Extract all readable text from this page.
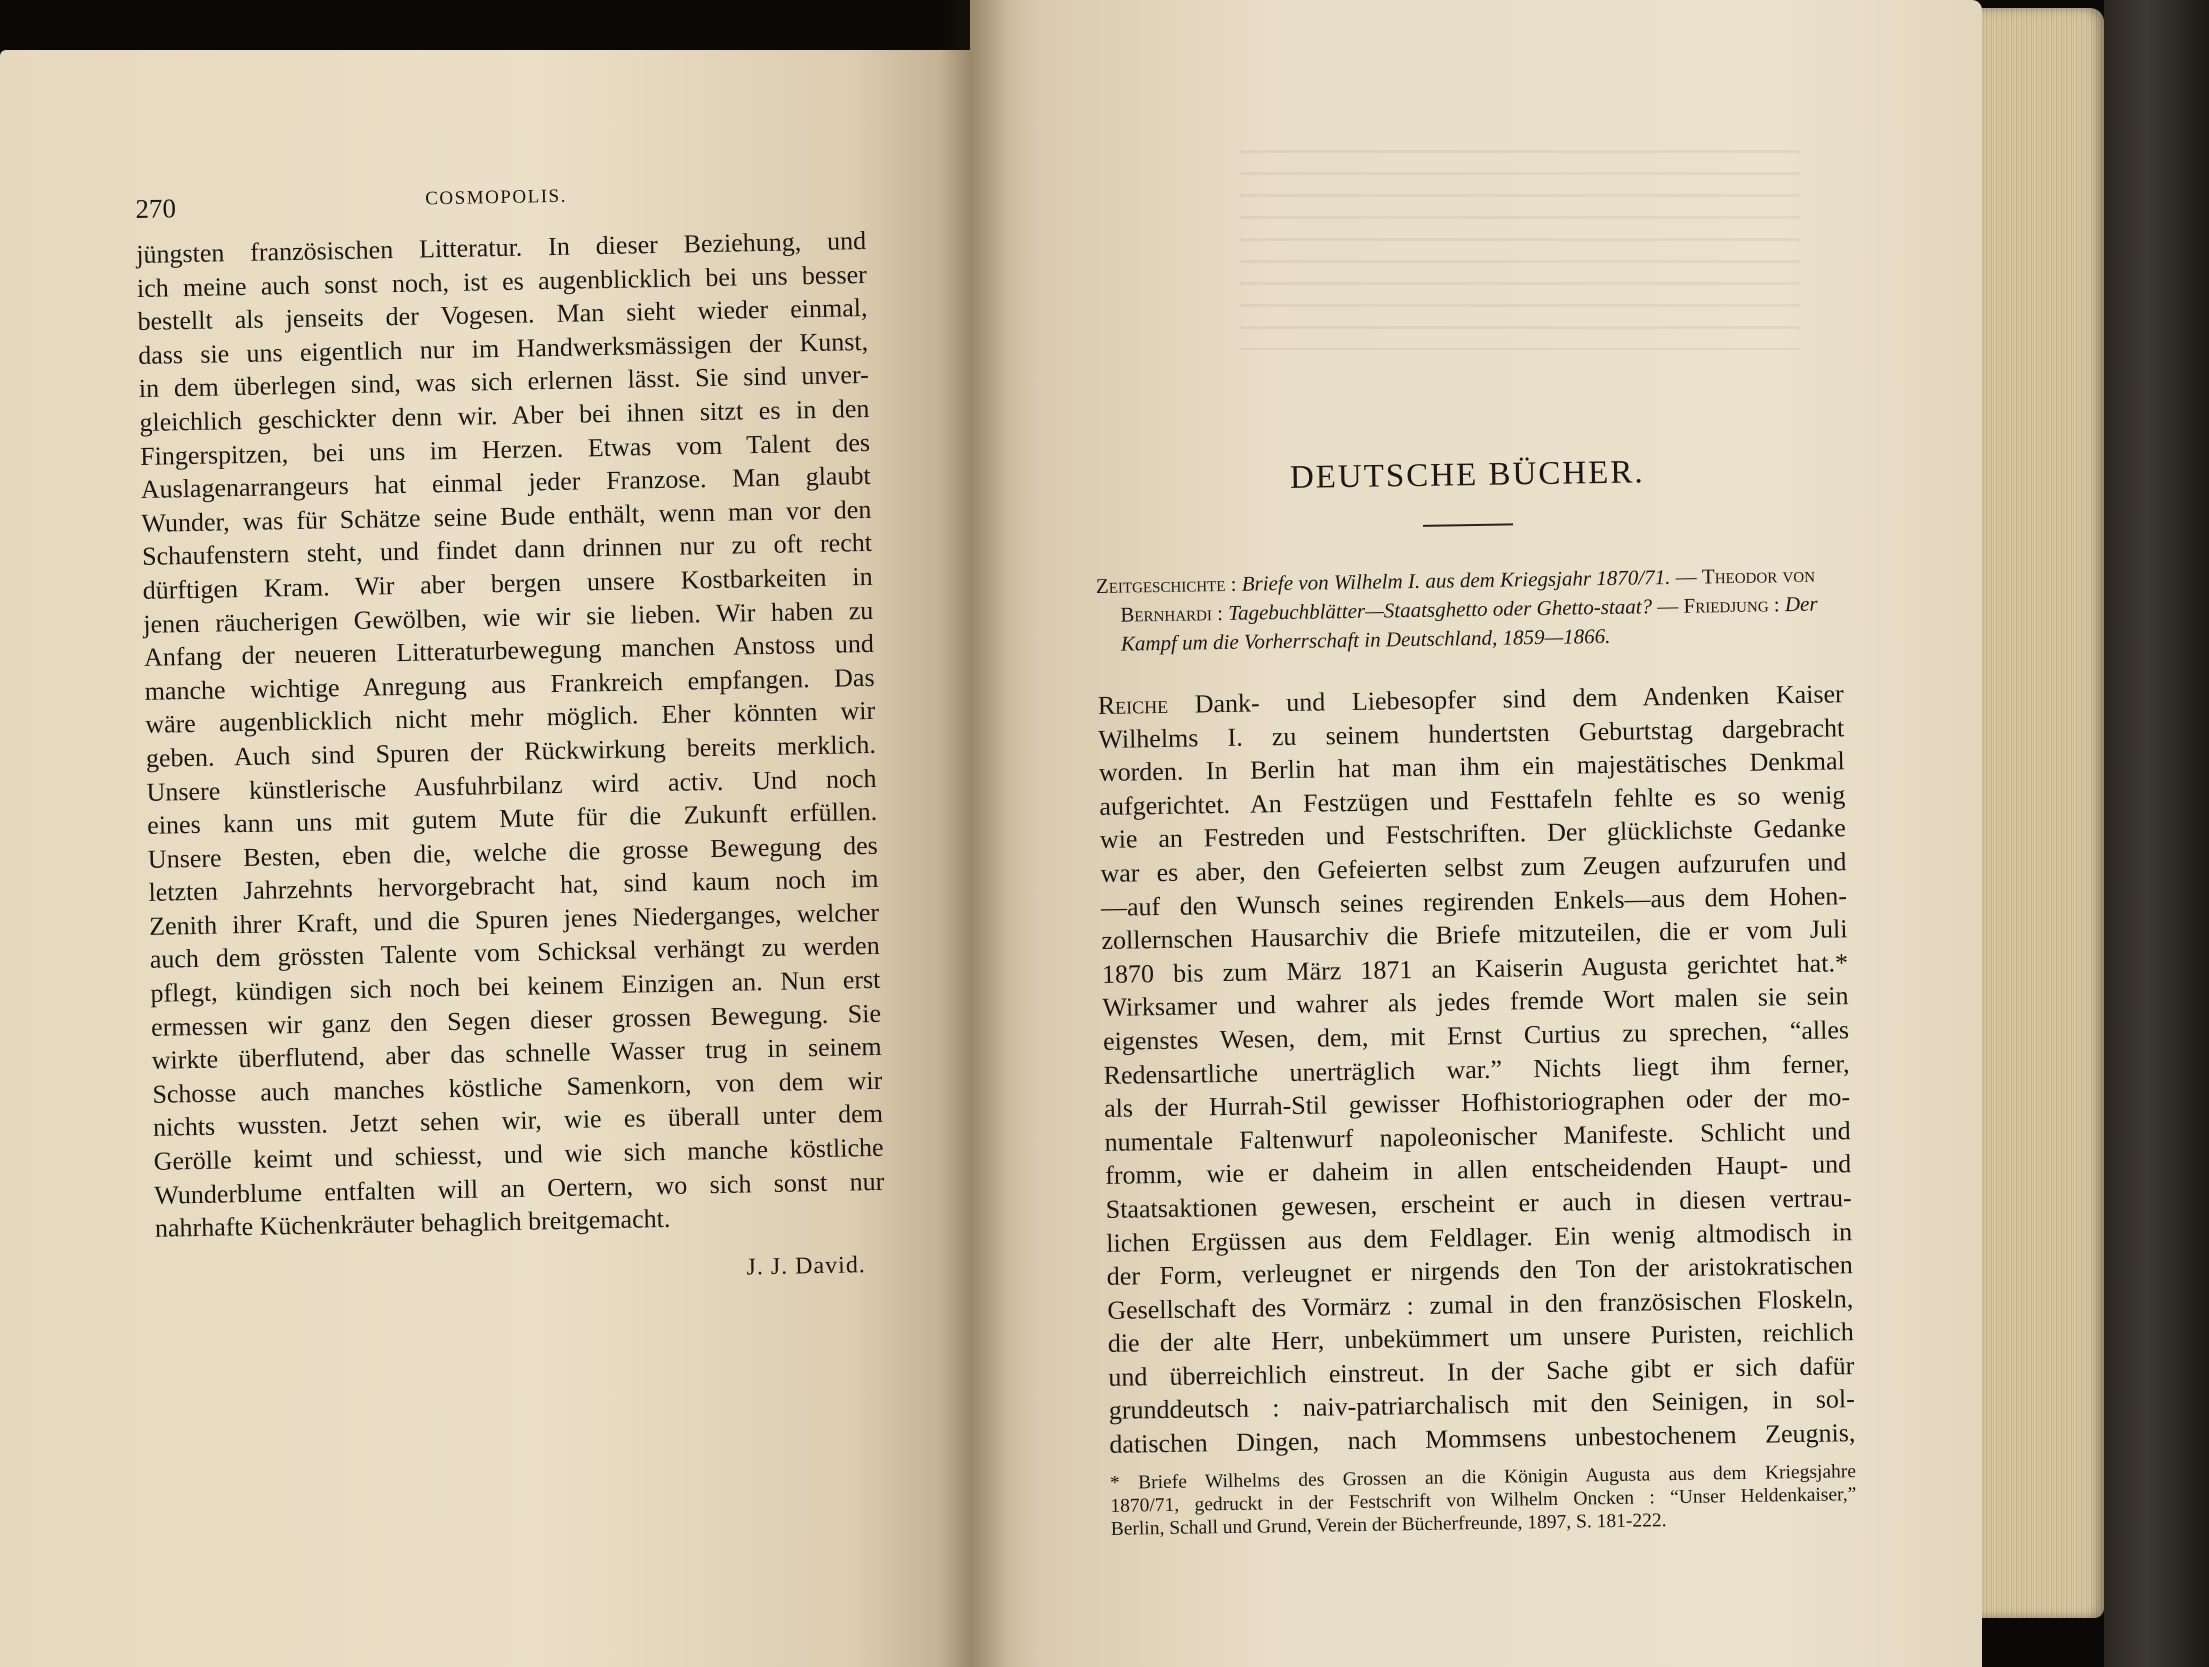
270	COSMOPOLIS.
jüngsten französischen Litteratur. In dieser Beziehung, und
ich meine auch sonst noch, ist es augenblicklich bei uns besser
bestellt als jenseits der Vogesen. Man sieht wieder einmal,
dass sie uns eigentlich nur im Handwerksmässigen der Kunst,
in dem überlegen sind, was sich erlernen lässt. Sie sind unver-
gleichlich geschickter denn wir. Aber bei ihnen sitzt es in den
Fingerspitzen, bei uns im Herzen. Etwas vom Talent des
Auslagenarrangeurs hat einmal jeder Franzose. Man glaubt
Wunder, was für Schätze seine Bude enthält, wenn man vor den
Schaufenstern steht, und findet dann drinnen nur zu oft recht
dürftigen Kram. Wir aber bergen unsere Kostbarkeiten in
jenen räucherigen Gewölben, wie wir sie lieben. Wir haben zu
Anfang der neueren Litteraturbewegung manchen Anstoss und
manche wichtige Anregung aus Frankreich empfangen. Das
wäre augenblicklich nicht mehr möglich. Eher könnten wir
geben. Auch sind Spuren der Rückwirkung bereits merklich.
Unsere künstlerische Ausfuhrbilanz wird activ. Und noch
eines kann uns mit gutem Mute für die Zukunft erfüllen.
Unsere Besten, eben die, welche die grosse Bewegung des
letzten Jahrzehnts hervorgebracht hat, sind kaum noch im
Zenith ihrer Kraft, und die Spuren jenes Niederganges, welcher
auch dem grössten Talente vom Schicksal verhängt zu werden
pflegt, kündigen sich noch bei keinem Einzigen an. Nun erst
ermessen wir ganz den Segen dieser grossen Bewegung. Sie
wirkte überflutend, aber das schnelle Wasser trug in seinem
Schosse auch manches köstliche Samenkorn, von dem wir
nichts wussten. Jetzt sehen wir, wie es überall unter dem
Gerölle keimt und schiesst, und wie sich manche köstliche
Wunderblume entfalten will an Oertern, wo sich sonst nur
nahrhafte Küchenkräuter behaglich breitgemacht.
J. J. David.
DEUTSCHE BÜCHER.
Zeitgeschichte : Briefe von Wilhelm I. aus dem Kriegsjahr 1870/71. — Theodor von Bernhardi : Tagebuchblätter—Staatsghetto oder Ghetto-staat? — Friedjung : Der Kampf um die Vorherrschaft in Deutschland, 1859—1866.
Reiche Dank- und Liebesopfer sind dem Andenken Kaiser
Wilhelms I. zu seinem hundertsten Geburtstag dargebracht
worden. In Berlin hat man ihm ein majestätisches Denkmal
aufgerichtet. An Festzügen und Festtafeln fehlte es so wenig
wie an Festreden und Festschriften. Der glücklichste Gedanke
war es aber, den Gefeierten selbst zum Zeugen aufzurufen und
—auf den Wunsch seines regirenden Enkels—aus dem Hohen-
zollernschen Hausarchiv die Briefe mitzuteilen, die er vom Juli
1870 bis zum März 1871 an Kaiserin Augusta gerichtet hat.*
Wirksamer und wahrer als jedes fremde Wort malen sie sein
eigenstes Wesen, dem, mit Ernst Curtius zu sprechen, “alles
Redensartliche unerträglich war.” Nichts liegt ihm ferner,
als der Hurrah-Stil gewisser Hofhistoriographen oder der mo-
numentale Faltenwurf napoleonischer Manifeste. Schlicht und
fromm, wie er daheim in allen entscheidenden Haupt- und
Staatsaktionen gewesen, erscheint er auch in diesen vertrau-
lichen Ergüssen aus dem Feldlager. Ein wenig altmodisch in
der Form, verleugnet er nirgends den Ton der aristokratischen
Gesellschaft des Vormärz : zumal in den französischen Floskeln,
die der alte Herr, unbekümmert um unsere Puristen, reichlich
und überreichlich einstreut. In der Sache gibt er sich dafür
grunddeutsch : naiv-patriarchalisch mit den Seinigen, in sol-
datischen Dingen, nach Mommsens unbestochenem Zeugnis,
* Briefe Wilhelms des Grossen an die Königin Augusta aus dem Kriegsjahre
1870/71, gedruckt in der Festschrift von Wilhelm Oncken : “Unser Heldenkaiser,”
Berlin, Schall und Grund, Verein der Bücherfreunde, 1897, S. 181-222.
